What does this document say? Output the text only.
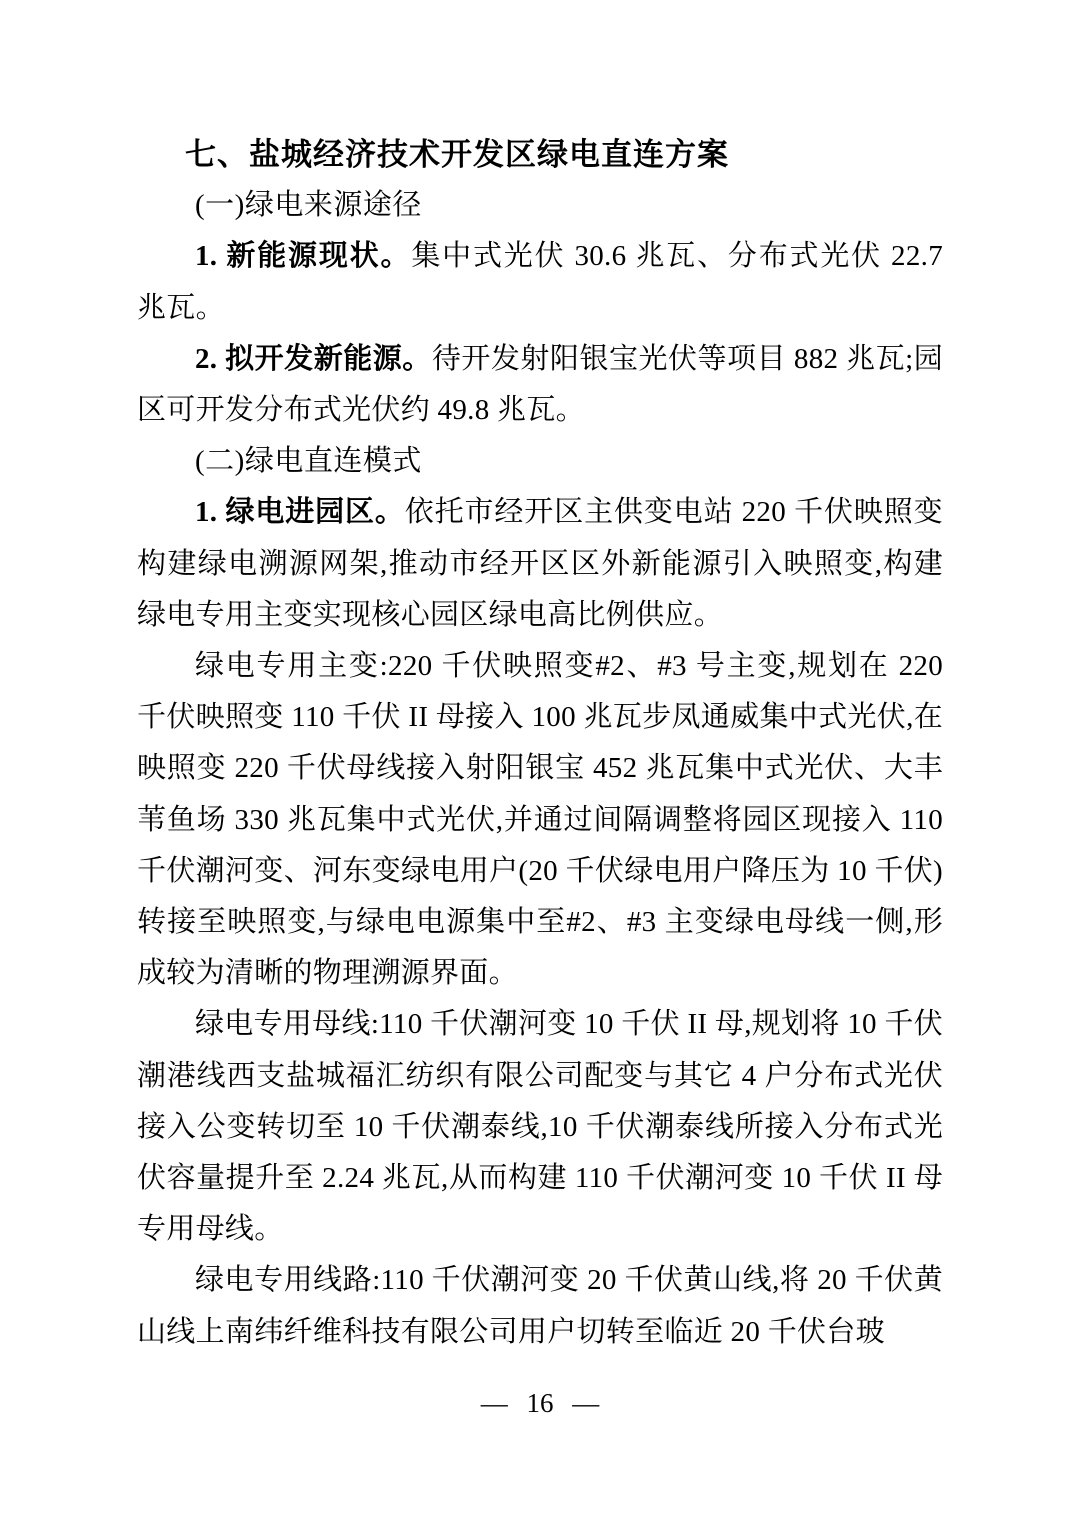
七、盐城经济技术开发区绿电直连方案

(一)绿电来源途径

1. 新能源现状。集中式光伏 30.6 兆瓦、分布式光伏 22.7 兆瓦。

2. 拟开发新能源。待开发射阳银宝光伏等项目 882 兆瓦;园区可开发分布式光伏约 49.8 兆瓦。

(二)绿电直连模式

1. 绿电进园区。依托市经开区主供变电站 220 千伏映照变构建绿电溯源网架,推动市经开区区外新能源引入映照变,构建绿电专用主变实现核心园区绿电高比例供应。

绿电专用主变:220 千伏映照变#2、#3 号主变,规划在 220 千伏映照变 110 千伏 II 母接入 100 兆瓦步凤通威集中式光伏,在映照变 220 千伏母线接入射阳银宝 452 兆瓦集中式光伏、大丰苇鱼场 330 兆瓦集中式光伏,并通过间隔调整将园区现接入 110 千伏潮河变、河东变绿电用户(20 千伏绿电用户降压为 10 千伏)转接至映照变,与绿电电源集中至#2、#3 主变绿电母线一侧,形成较为清晰的物理溯源界面。

绿电专用母线:110 千伏潮河变 10 千伏 II 母,规划将 10 千伏潮港线西支盐城福汇纺织有限公司配变与其它 4 户分布式光伏接入公变转切至 10 千伏潮泰线,10 千伏潮泰线所接入分布式光伏容量提升至 2.24 兆瓦,从而构建 110 千伏潮河变 10 千伏 II 母专用母线。

绿电专用线路:110 千伏潮河变 20 千伏黄山线,将 20 千伏黄山线上南纬纤维科技有限公司用户切转至临近 20 千伏台玻

— 16 —
